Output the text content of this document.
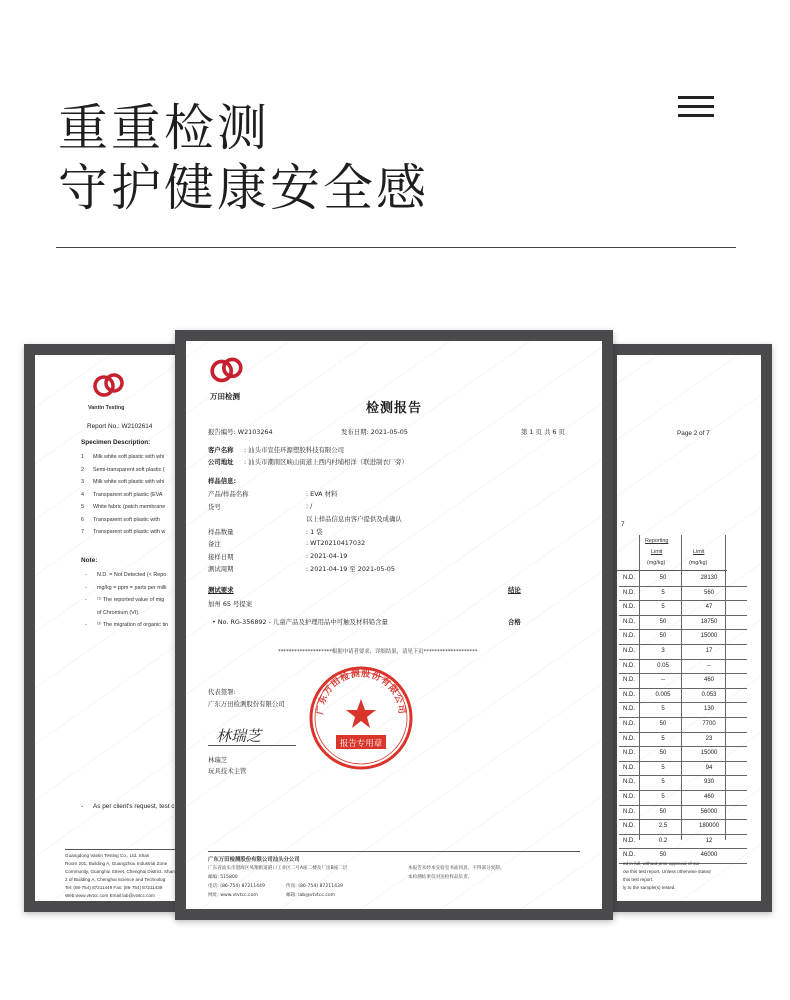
重重检测
守护健康安全感
Vantin Testing
Report No.: W2102614
Specimen Description:
1 Milk white soft plastic with whi
2 Semi-transparent soft plastic (
3 Milk white soft plastic with whi
4 Transparent soft plastic (EVA
5 White fabric (patch membrane
6 Transparent soft plastic with
7 Transparent soft plastic with w
Note:
- N.D. = Not Detected (< Repo
- mg/kg = ppm = parts per milli
- ⁽¹⁾ The reported value of mig
of Chromium (VI).
- ⁽²⁾ The migration of organic tin
- As per client's request, test c
Guangdong Vantin Testing Co., Ltd. Shan
Room 201, Building A, Guangzhou Industrial Zone
Community, Guanghui Street, Chenghai District, Shan
2 of Building A, Chenghai Science and Technolog
Tel: (86-754) 87211449 Fax: (86-754) 87211439
Web:www.vtvtcc.com Email:lab@vtvtcc.com
Page 2 of 7
7
Reporting
Limit	Limit
(mg/kg)	(mg/kg)
N.D.	50	28130
N.D.	5	560
N.D.	5	47
N.D.	50	18750
N.D.	50	15000
N.D.	3	17
N.D.	0.05	--
N.D.	--	460
N.D.	0.005	0.053
N.D.	5	130
N.D.	50	7700
N.D.	5	23
N.D.	50	15000
N.D.	5	94
N.D.	5	930
N.D.	5	460
N.D.	50	56000
N.D.	2.5	180000
N.D.	0.2	12
N.D.	50	46000
ed in full, without prior approval of our
ow this test report. Unless otherwise stated
this test report.
ly to the sample(s) tested.
万田检测
检测报告
报告编号: W2103264	发布日期: 2021-05-05	第 1 页 共 6 页
客户名称 : 汕头市宣佳环源塑胶科技有限公司
公司地址 : 汕头市潮南区峡山街道上西内村埔相洋（联进制衣厂旁）
样品信息:
产品/样品名称	: EVA 材料
货号	: /
以上样品信息由客户提供及成确认
样品数量	: 1 袋
备注	: WT20210417032
接样日期	: 2021-04-19
测试周期	: 2021-04-19 至 2021-05-05
测试要求	结论
加州 65 号提案
• No. RG-356892 - 儿童产品及护理用品中可触及材料铅含量	合格
********************根据申请者要求，详细结果，请见下页********************
代表签署:
广东万田检测股份有限公司
林瑞芝
林瑞芝
玩具技术主管
广东万田检测股份有限公司
报告专用章
广东万田检测股份有限公司汕头分公司
广东省汕头市澄海区凤翔街道港口工业区二号A座二楼及厂房B座二层
邮编: 515800
电话: (86-754) 87211449	传真: (86-754) 87211439
网址: www.vtvtcc.com	邮箱: lab@vtvtcc.com
本报告未经本实验室书面同意，不得部分复制。
本检测结果仅对送检样品负责。
